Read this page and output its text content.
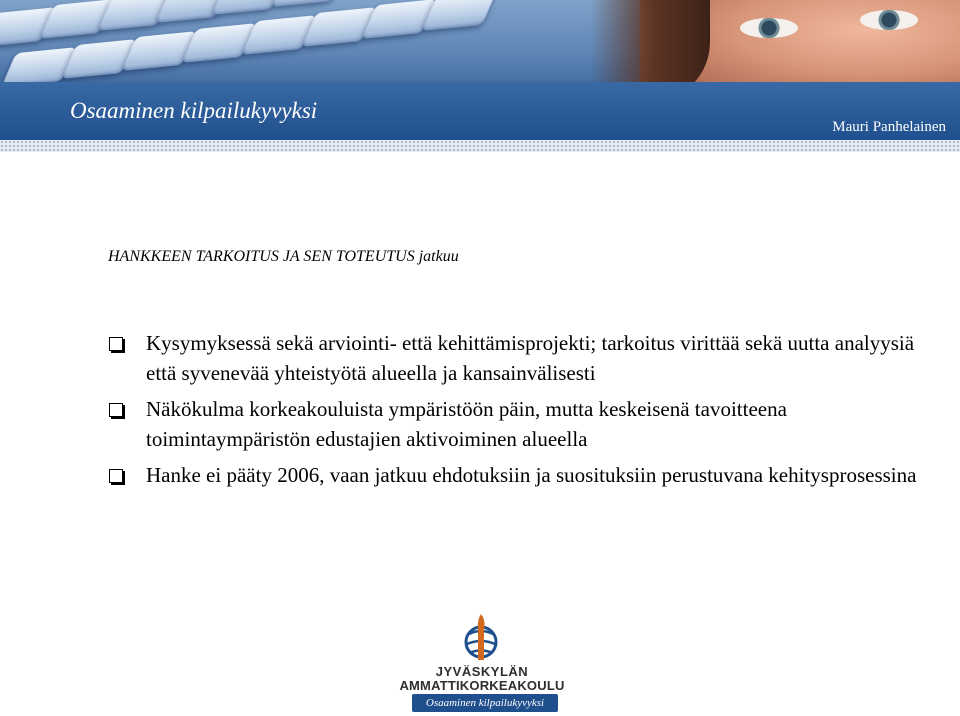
Osaaminen kilpailukyvyksi
Mauri Panhelainen
HANKKEEN TARKOITUS JA SEN TOTEUTUS jatkuu
Kysymyksessä sekä arviointi- että kehittämisprojekti; tarkoitus virittää sekä uutta analyysiä että syvenevää yhteistyötä alueella ja kansainvälisesti
Näkökulma korkeakouluista ympäristöön päin, mutta keskeisenä tavoitteena toimintaympäristön edustajien aktivoiminen alueella
Hanke ei pääty 2006, vaan jatkuu ehdotuksiin ja suosituksiin perustuvana kehitysprosessina
JYVÄSKYLÄN
AMMATTIKORKEAKOULU
Osaaminen kilpailukyvyksi
